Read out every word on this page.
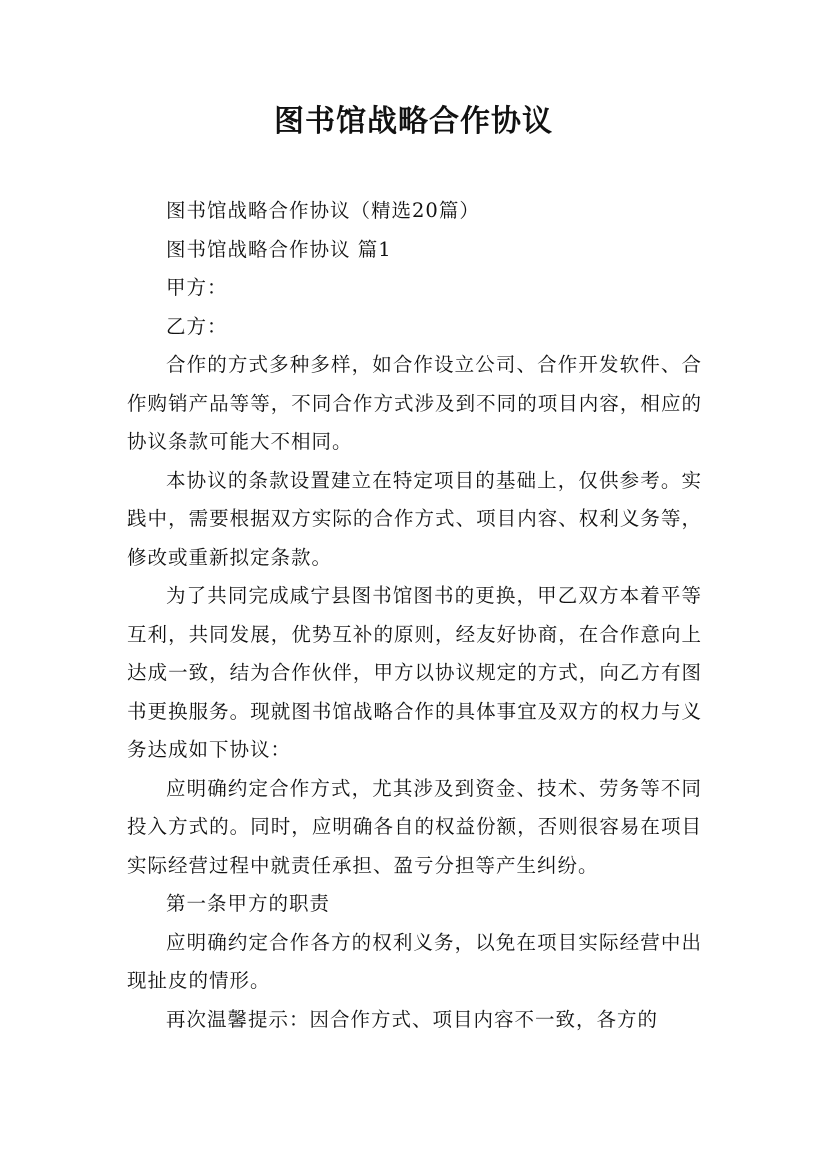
图书馆战略合作协议

图书馆战略合作协议（精选20篇）

图书馆战略合作协议 篇1

甲方：

乙方：

合作的方式多种多样，如合作设立公司、合作开发软件、合作购销产品等等，不同合作方式涉及到不同的项目内容，相应的协议条款可能大不相同。

本协议的条款设置建立在特定项目的基础上，仅供参考。实践中，需要根据双方实际的合作方式、项目内容、权利义务等，修改或重新拟定条款。

为了共同完成咸宁县图书馆图书的更换，甲乙双方本着平等互利，共同发展，优势互补的原则，经友好协商，在合作意向上达成一致，结为合作伙伴，甲方以协议规定的方式，向乙方有图书更换服务。现就图书馆战略合作的具体事宜及双方的权力与义务达成如下协议：

应明确约定合作方式，尤其涉及到资金、技术、劳务等不同投入方式的。同时，应明确各自的权益份额，否则很容易在项目实际经营过程中就责任承担、盈亏分担等产生纠纷。

第一条甲方的职责

应明确约定合作各方的权利义务，以免在项目实际经营中出现扯皮的情形。

再次温馨提示：因合作方式、项目内容不一致，各方的
